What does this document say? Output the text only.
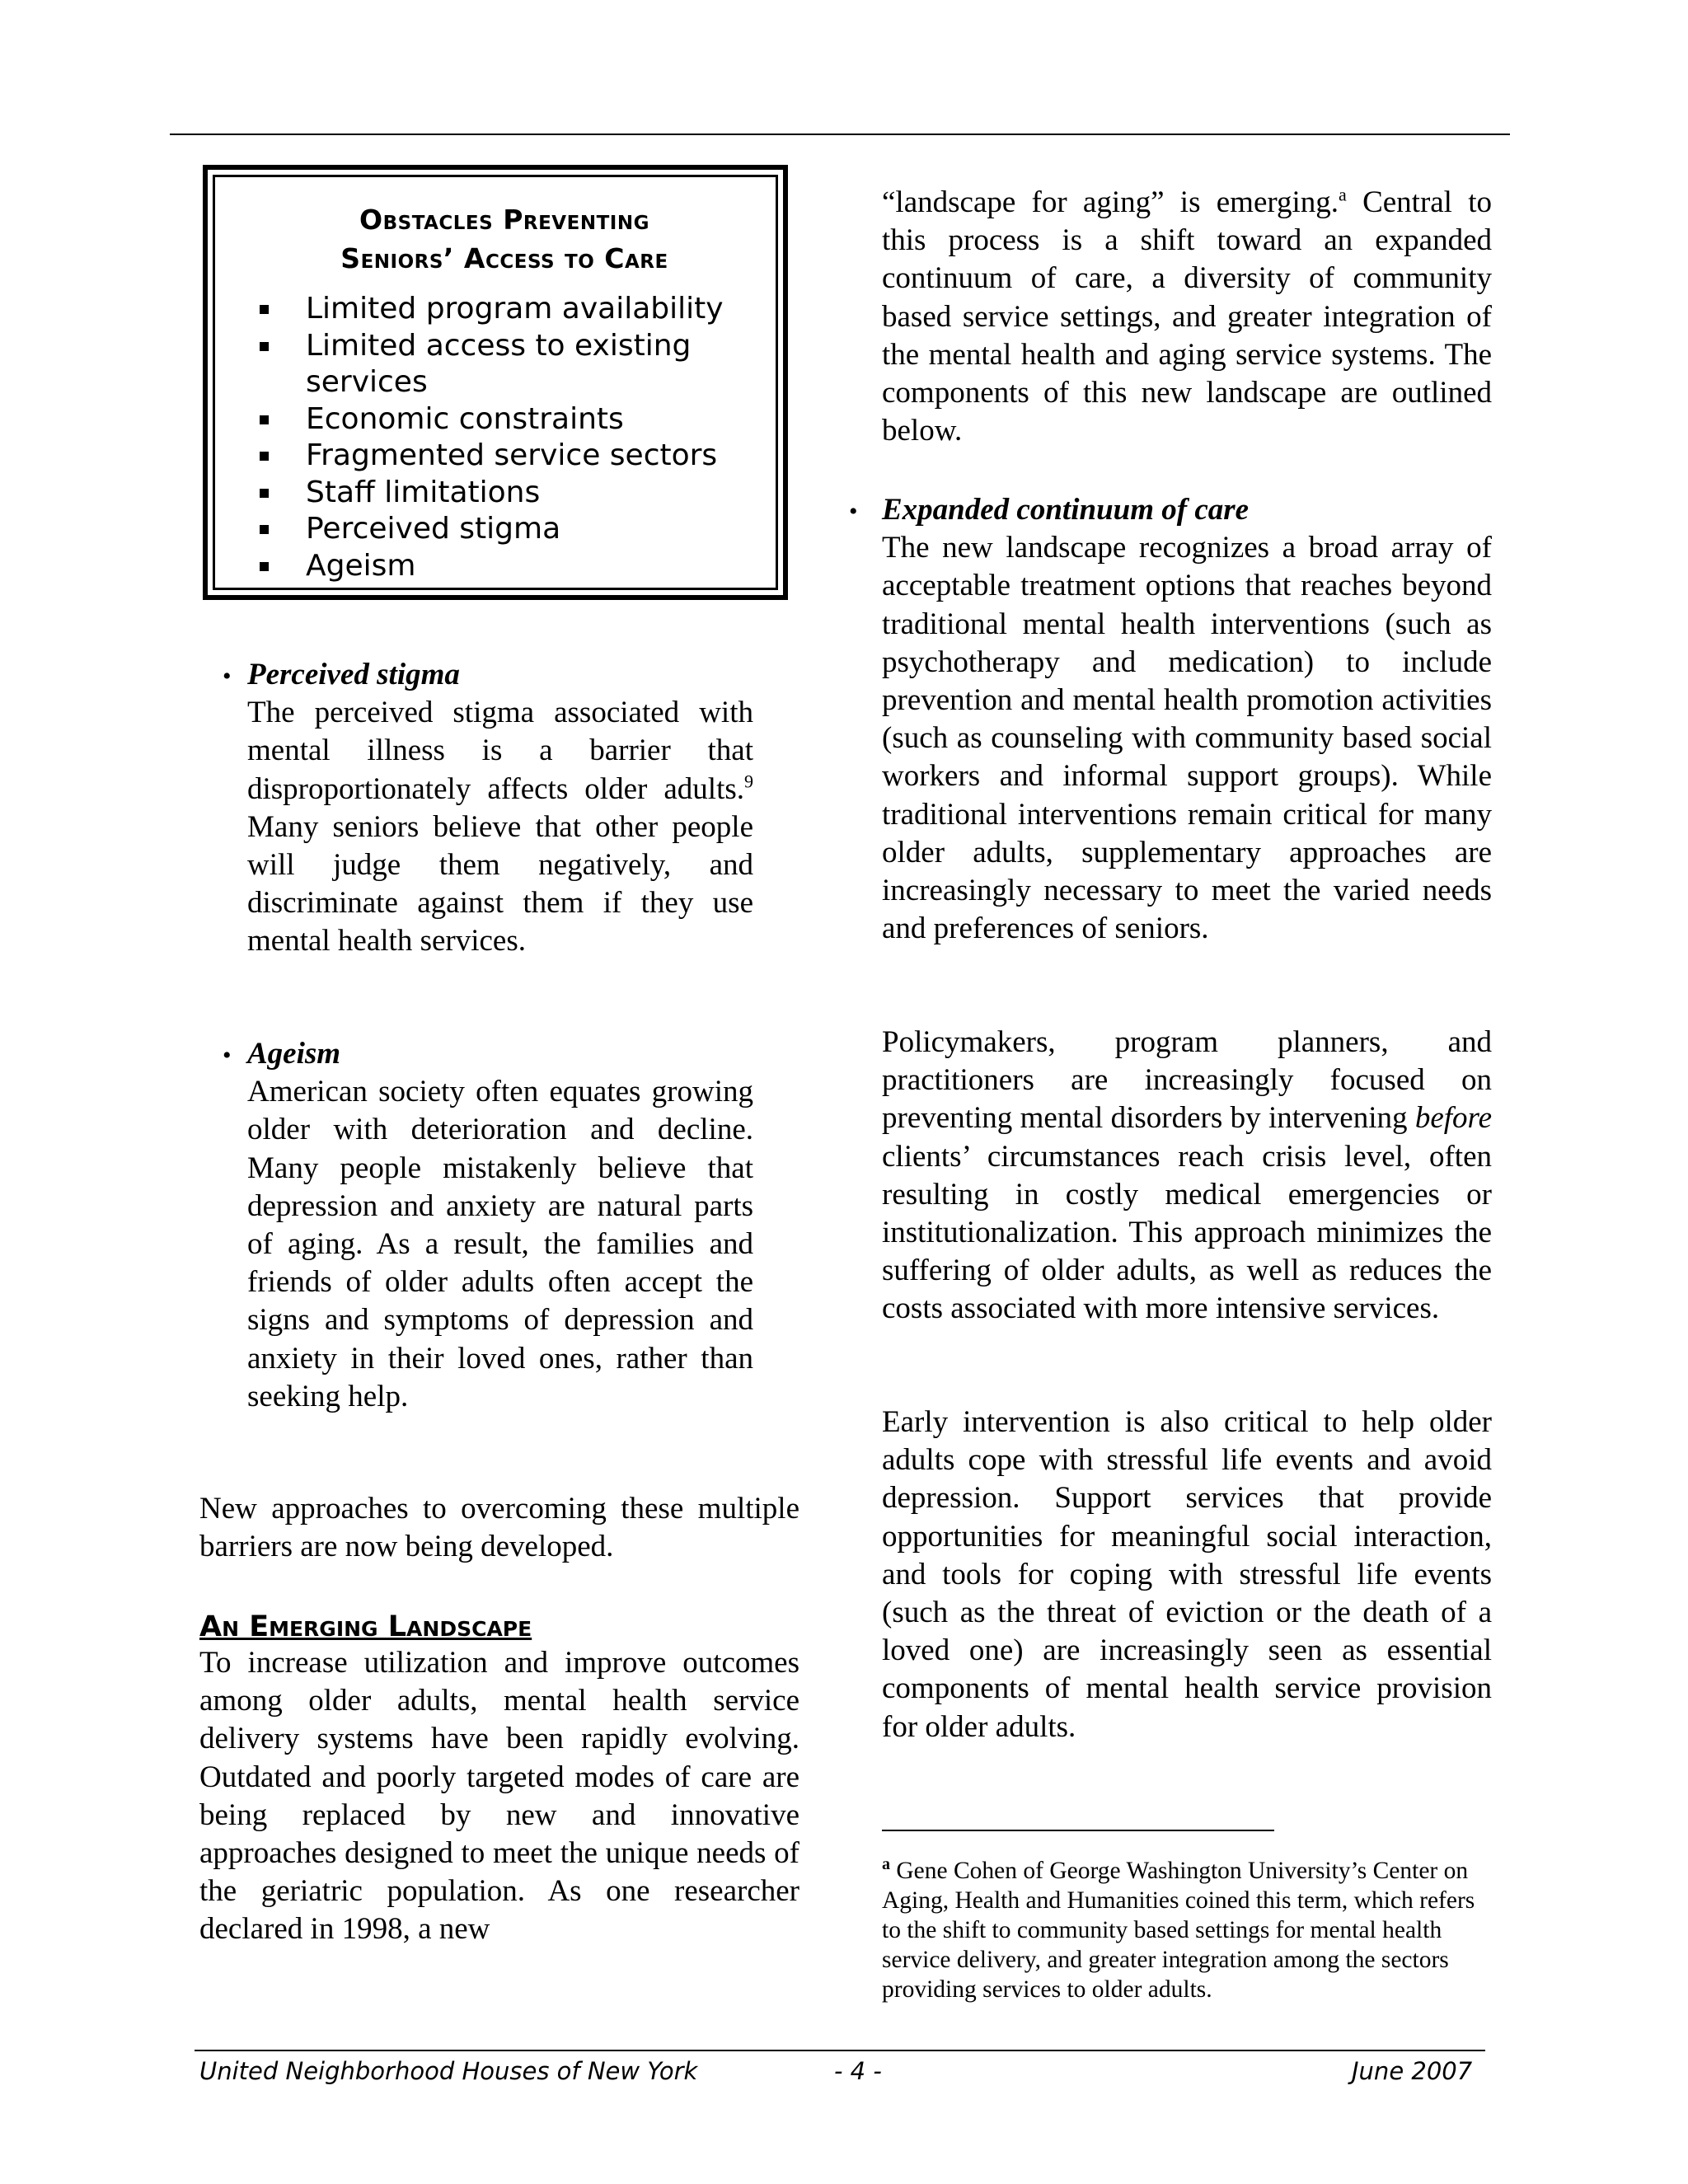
Obstacles Preventing
Seniors’ Access to Care
Limited program availability
Limited access to existing services
Economic constraints
Fragmented service sectors
Staff limitations
Perceived stigma
Ageism
• Perceived stigma
The perceived stigma associated with mental illness is a barrier that disproportionately affects older adults.$^9$ Many seniors believe that other people will judge them negatively, and discriminate against them if they use mental health services.
• Ageism
American society often equates growing older with deterioration and decline. Many people mistakenly believe that depression and anxiety are natural parts of aging. As a result, the families and friends of older adults often accept the signs and symptoms of depression and anxiety in their loved ones, rather than seeking help.

New approaches to overcoming these multiple barriers are now being developed.

An Emerging Landscape

To increase utilization and improve outcomes among older adults, mental health service delivery systems have been rapidly evolving. Outdated and poorly targeted modes of care are being replaced by new and innovative approaches designed to meet the unique needs of the geriatric population. As one researcher declared in 1998, a new

“landscape for aging” is emerging.$^a$ Central to this process is a shift toward an expanded continuum of care, a diversity of community based service settings, and greater integration of the mental health and aging service systems. The components of this new landscape are outlined below.
• Expanded continuum of care
The new landscape recognizes a broad array of acceptable treatment options that reaches beyond traditional mental health interventions (such as psychotherapy and medication) to include prevention and mental health promotion activities (such as counseling with community based social workers and informal support groups). While traditional interventions remain critical for many older adults, supplementary approaches are increasingly necessary to meet the varied needs and preferences of seniors.
Policymakers, program planners, and practitioners are increasingly focused on preventing mental disorders by intervening before clients’ circumstances reach crisis level, often resulting in costly medical emergencies or institutionalization. This approach minimizes the suffering of older adults, as well as reduces the costs associated with more intensive services.

Early intervention is also critical to help older adults cope with stressful life events and avoid depression. Support services that provide opportunities for meaningful social interaction, and tools for coping with stressful life events (such as the threat of eviction or the death of a loved one) are increasingly seen as essential components of mental health service provision for older adults.

$^a$ Gene Cohen of George Washington University’s Center on Aging, Health and Humanities coined this term, which refers to the shift to community based settings for mental health service delivery, and greater integration among the sectors providing services to older adults.

United Neighborhood Houses of New York	- 4 -	June 2007
